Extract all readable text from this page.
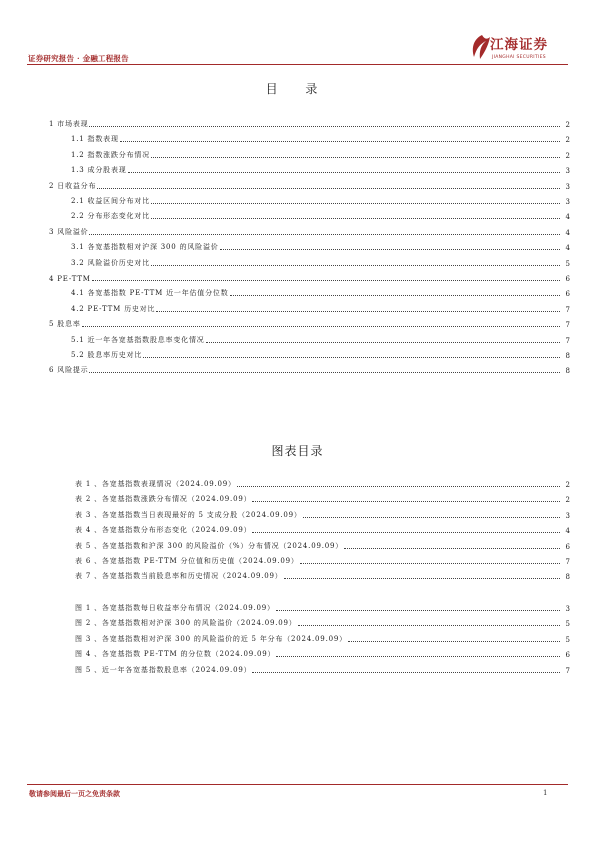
证券研究报告 · 金融工程报告
江海证券
JIANGHAI SECURITIES
目 录
1 市场表现	2
1.1 指数表现	2
1.2 指数涨跌分布情况	2
1.3 成分股表现	3
2 日收益分布	3
2.1 收益区间分布对比	3
2.2 分布形态变化对比	4
3 风险溢价	4
3.1 各宽基指数相对沪深 300 的风险溢价	4
3.2 风险溢价历史对比	5
4 PE-TTM	6
4.1 各宽基指数 PE-TTM 近一年估值分位数	6
4.2 PE-TTM 历史对比	7
5 股息率	7
5.1 近一年各宽基指数股息率变化情况	7
5.2 股息率历史对比	8
6 风险提示	8
图表目录
表 1 、各宽基指数表现情况（2024.09.09）	2
表 2 、各宽基指数涨跌分布情况（2024.09.09）	2
表 3 、各宽基指数当日表现最好的 5 支成分股（2024.09.09）	3
表 4 、各宽基指数分布形态变化（2024.09.09）	4
表 5 、各宽基指数和沪深 300 的风险溢价（%）分布情况（2024.09.09）	6
表 6 、各宽基指数 PE-TTM 分位值和历史值（2024.09.09）	7
表 7 、各宽基指数当前股息率和历史情况（2024.09.09）	8
图 1 、各宽基指数每日收益率分布情况（2024.09.09）	3
图 2 、各宽基指数相对沪深 300 的风险溢价（2024.09.09）	5
图 3 、各宽基指数相对沪深 300 的风险溢价的近 5 年分布（2024.09.09）	5
图 4 、各宽基指数 PE-TTM 的分位数（2024.09.09）	6
图 5 、近一年各宽基指数股息率（2024.09.09）	7
敬请参阅最后一页之免责条款	1
